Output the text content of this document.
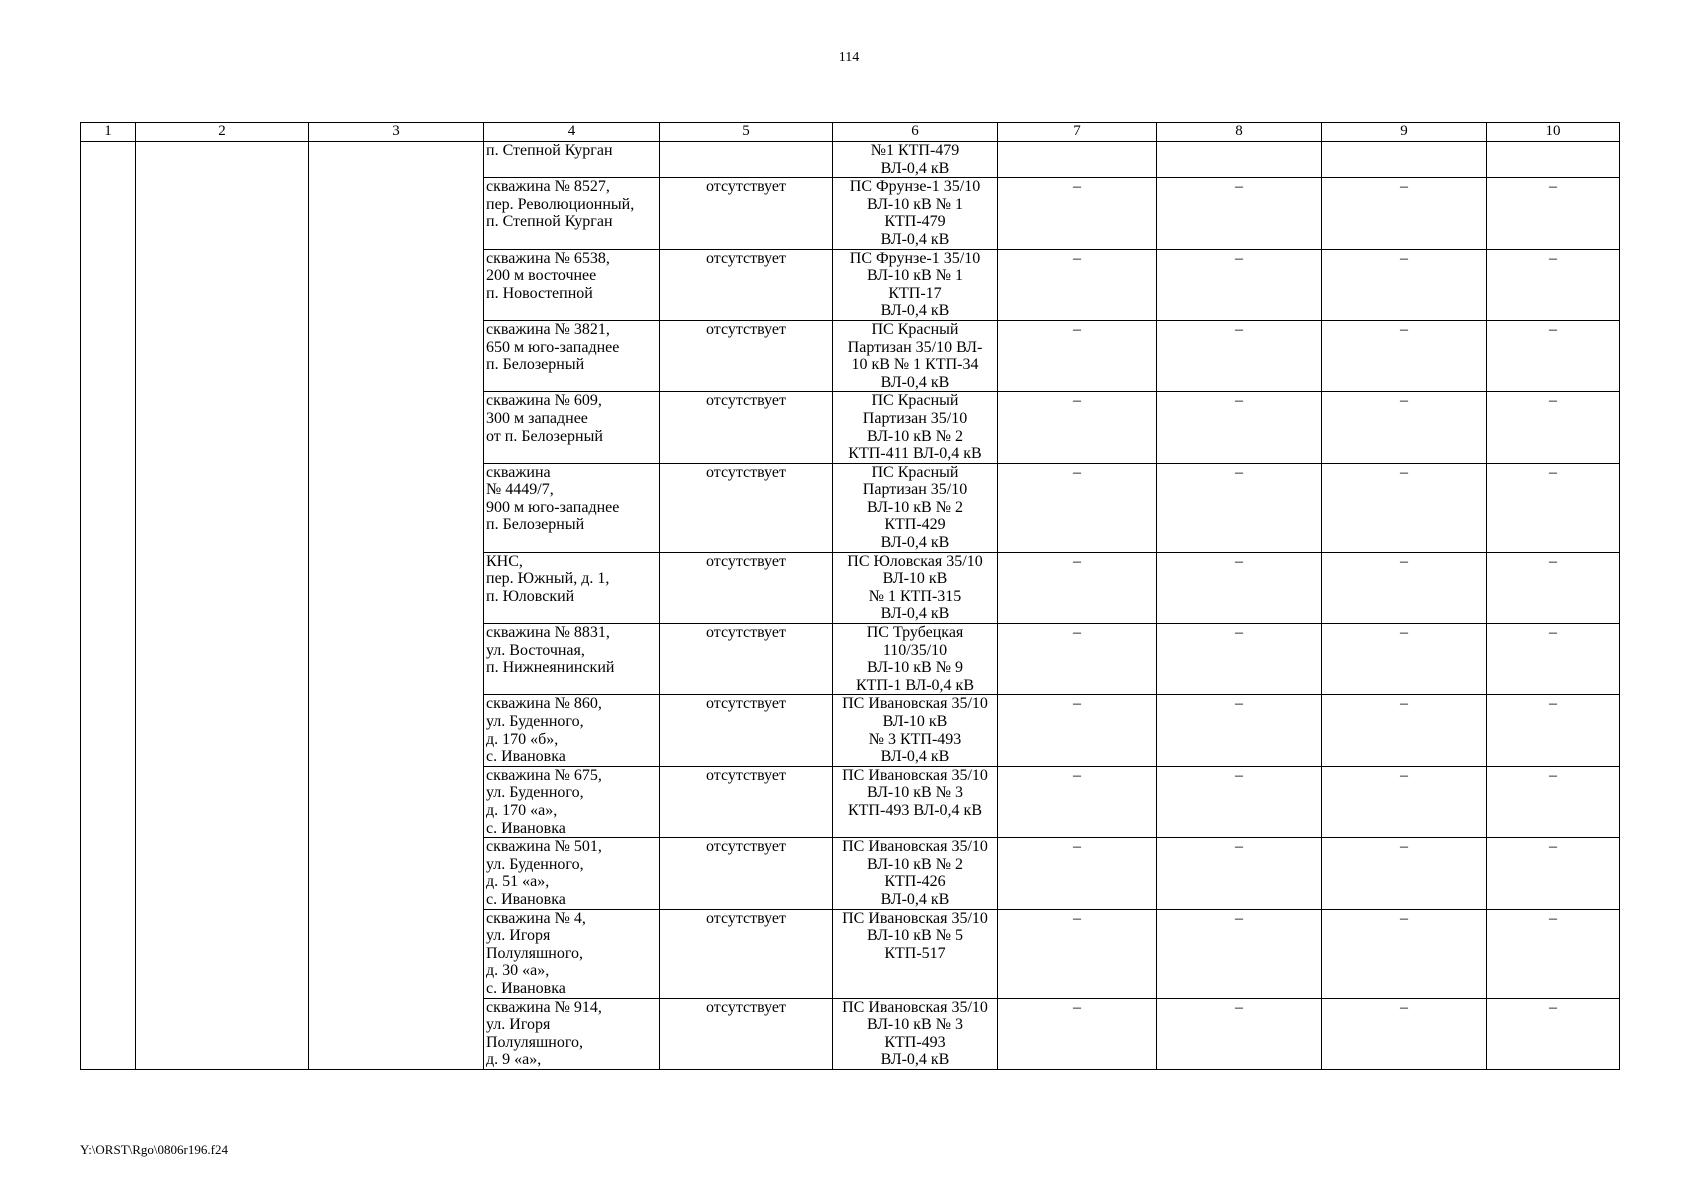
114
1	2	3	4	5	6	7	8	9	10
			п. Степной Курган		№1 КТП-479
ВЛ-0,4 кВ				
			скважина № 8527,
пер. Революционный,
п. Степной Курган	отсутствует	ПС Фрунзе-1 35/10
ВЛ-10 кВ № 1
КТП-479
ВЛ-0,4 кВ	–	–	–	–
			скважина № 6538,
200 м восточнее
п. Новостепной	отсутствует	ПС Фрунзе-1 35/10
ВЛ-10 кВ № 1
КТП-17
ВЛ-0,4 кВ	–	–	–	–
			скважина № 3821,
650 м юго-западнее
п. Белозерный	отсутствует	ПС Красный
Партизан 35/10 ВЛ-
10 кВ № 1 КТП-34
ВЛ-0,4 кВ	–	–	–	–
			скважина № 609,
300 м западнее
от п. Белозерный	отсутствует	ПС Красный
Партизан 35/10
ВЛ-10 кВ № 2
КТП-411 ВЛ-0,4 кВ	–	–	–	–
			скважина
№ 4449/7,
900 м юго-западнее
п. Белозерный	отсутствует	ПС Красный
Партизан 35/10
ВЛ-10 кВ № 2
КТП-429
ВЛ-0,4 кВ	–	–	–	–
			КНС,
пер. Южный, д. 1,
п. Юловский	отсутствует	ПС Юловская 35/10
ВЛ-10 кВ
№ 1 КТП-315
ВЛ-0,4 кВ	–	–	–	–
			скважина № 8831,
ул. Восточная,
п. Нижнеянинский	отсутствует	ПС Трубецкая
110/35/10
ВЛ-10 кВ № 9
КТП-1 ВЛ-0,4 кВ	–	–	–	–
			скважина № 860,
ул. Буденного,
д. 170 «б»,
с. Ивановка	отсутствует	ПС Ивановская 35/10
ВЛ-10 кВ
№ 3 КТП-493
ВЛ-0,4 кВ	–	–	–	–
			скважина № 675,
ул. Буденного,
д. 170 «а»,
с. Ивановка	отсутствует	ПС Ивановская 35/10
ВЛ-10 кВ № 3
КТП-493 ВЛ-0,4 кВ	–	–	–	–
			скважина № 501,
ул. Буденного,
д. 51 «а»,
с. Ивановка	отсутствует	ПС Ивановская 35/10
ВЛ-10 кВ № 2
КТП-426
ВЛ-0,4 кВ	–	–	–	–
			скважина № 4,
ул. Игоря
Полуляшного,
д. 30 «а»,
с. Ивановка	отсутствует	ПС Ивановская 35/10
ВЛ-10 кВ № 5
КТП-517	–	–	–	–
			скважина № 914,
ул. Игоря
Полуляшного,
д. 9 «а»,	отсутствует	ПС Ивановская 35/10
ВЛ-10 кВ № 3
КТП-493
ВЛ-0,4 кВ	–	–	–	–
Y:\ORST\Rgo\0806r196.f24
